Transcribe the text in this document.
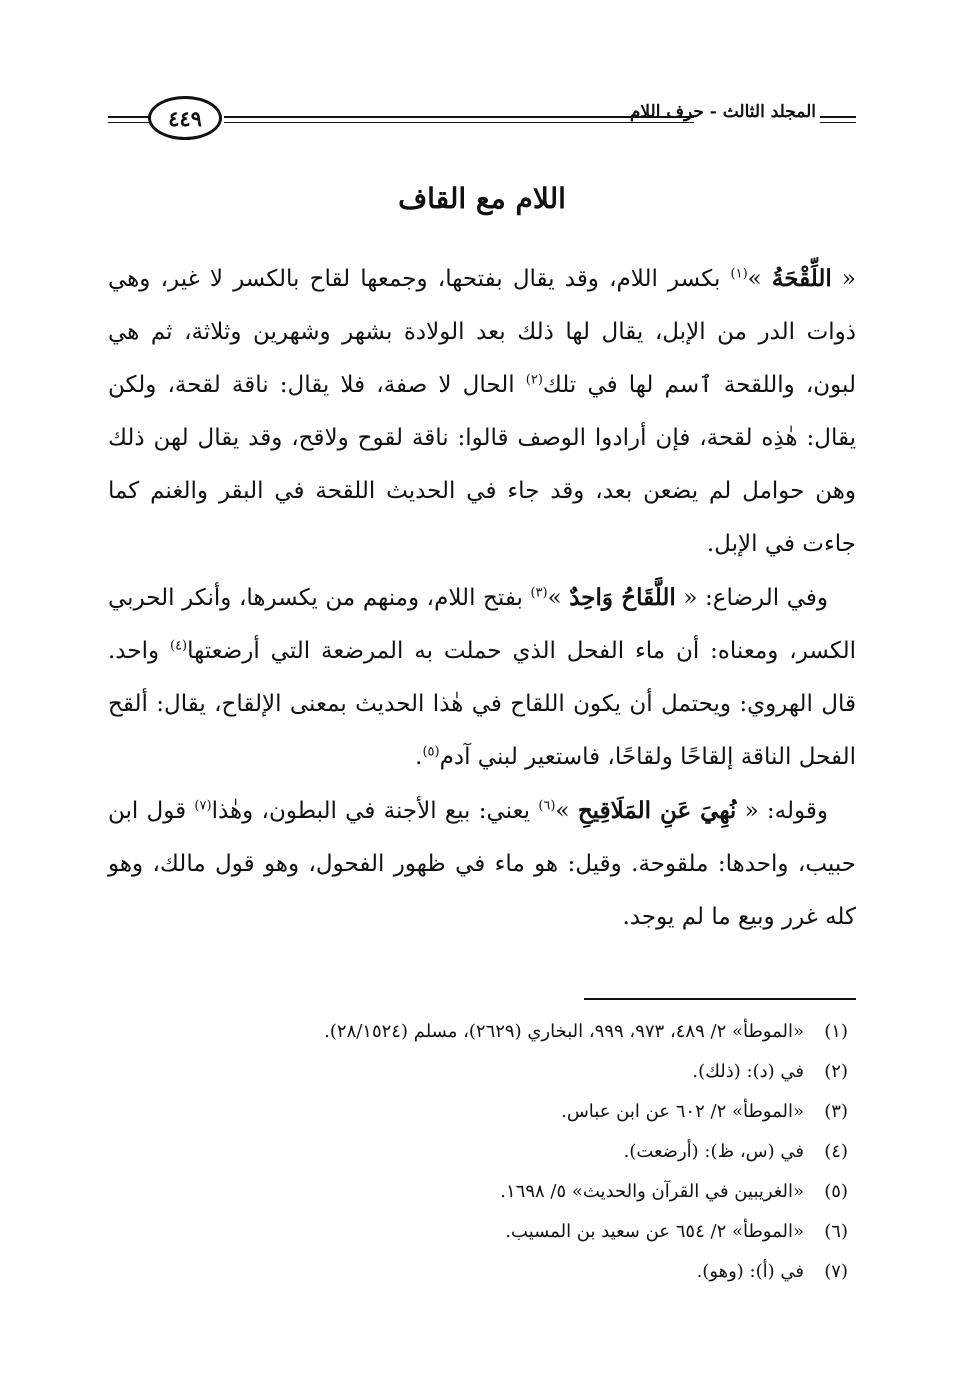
٤٤٩	المجلد الثالث - حرف اللام
اللام مع القاف

« اللِّقْحَةُ »$^{(١)}$ بكسر اللام، وقد يقال بفتحها، وجمعها لقاح بالكسر لا غير، وهي ذوات الدر من الإبل، يقال لها ذلك بعد الولادة بشهر وشهرين وثلاثة، ثم هي لبون، واللقحة ٱسم لها في تلك$^{(٢)}$ الحال لا صفة، فلا يقال: ناقة لقحة، ولكن يقال: هٰذِه لقحة، فإن أرادوا الوصف قالوا: ناقة لقوح ولاقح، وقد يقال لهن ذلك وهن حوامل لم يضعن بعد، وقد جاء في الحديث اللقحة في البقر والغنم كما جاءت في الإبل.

وفي الرضاع: « اللَّقَاحُ وَاحِدٌ »$^{(٣)}$ بفتح اللام، ومنهم من يكسرها، وأنكر الحربي الكسر، ومعناه: أن ماء الفحل الذي حملت به المرضعة التي أرضعتها$^{(٤)}$ واحد. قال الهروي: ويحتمل أن يكون اللقاح في هٰذا الحديث بمعنى الإلقاح، يقال: ألقح الفحل الناقة إلقاحًا ولقاحًا، فاستعير لبني آدم$^{(٥)}$.

وقوله: « نُهِيَ عَنِ المَلَاقِيحِ »$^{(٦)}$ يعني: بيع الأجنة في البطون، وهٰذا$^{(٧)}$ قول ابن حبيب، واحدها: ملقوحة. وقيل: هو ماء في ظهور الفحول، وهو قول مالك، وهو كله غرر وبيع ما لم يوجد.

(١)
«الموطأ» ٢/ ٤٨٩، ٩٧٣، ٩٩٩، البخاري (٢٦٢٩)، مسلم (٢٨/١٥٢٤).
(٢)
في (د): (ذلك).
(٣)
«الموطأ» ٢/ ٦٠٢ عن ابن عباس.
(٤)
في (س، ظ): (أرضعت).
(٥)
«الغريبين في القرآن والحديث» ٥/ ١٦٩٨.
(٦)
«الموطأ» ٢/ ٦٥٤ عن سعيد بن المسيب.
(٧)
في (أ): (وهو).
